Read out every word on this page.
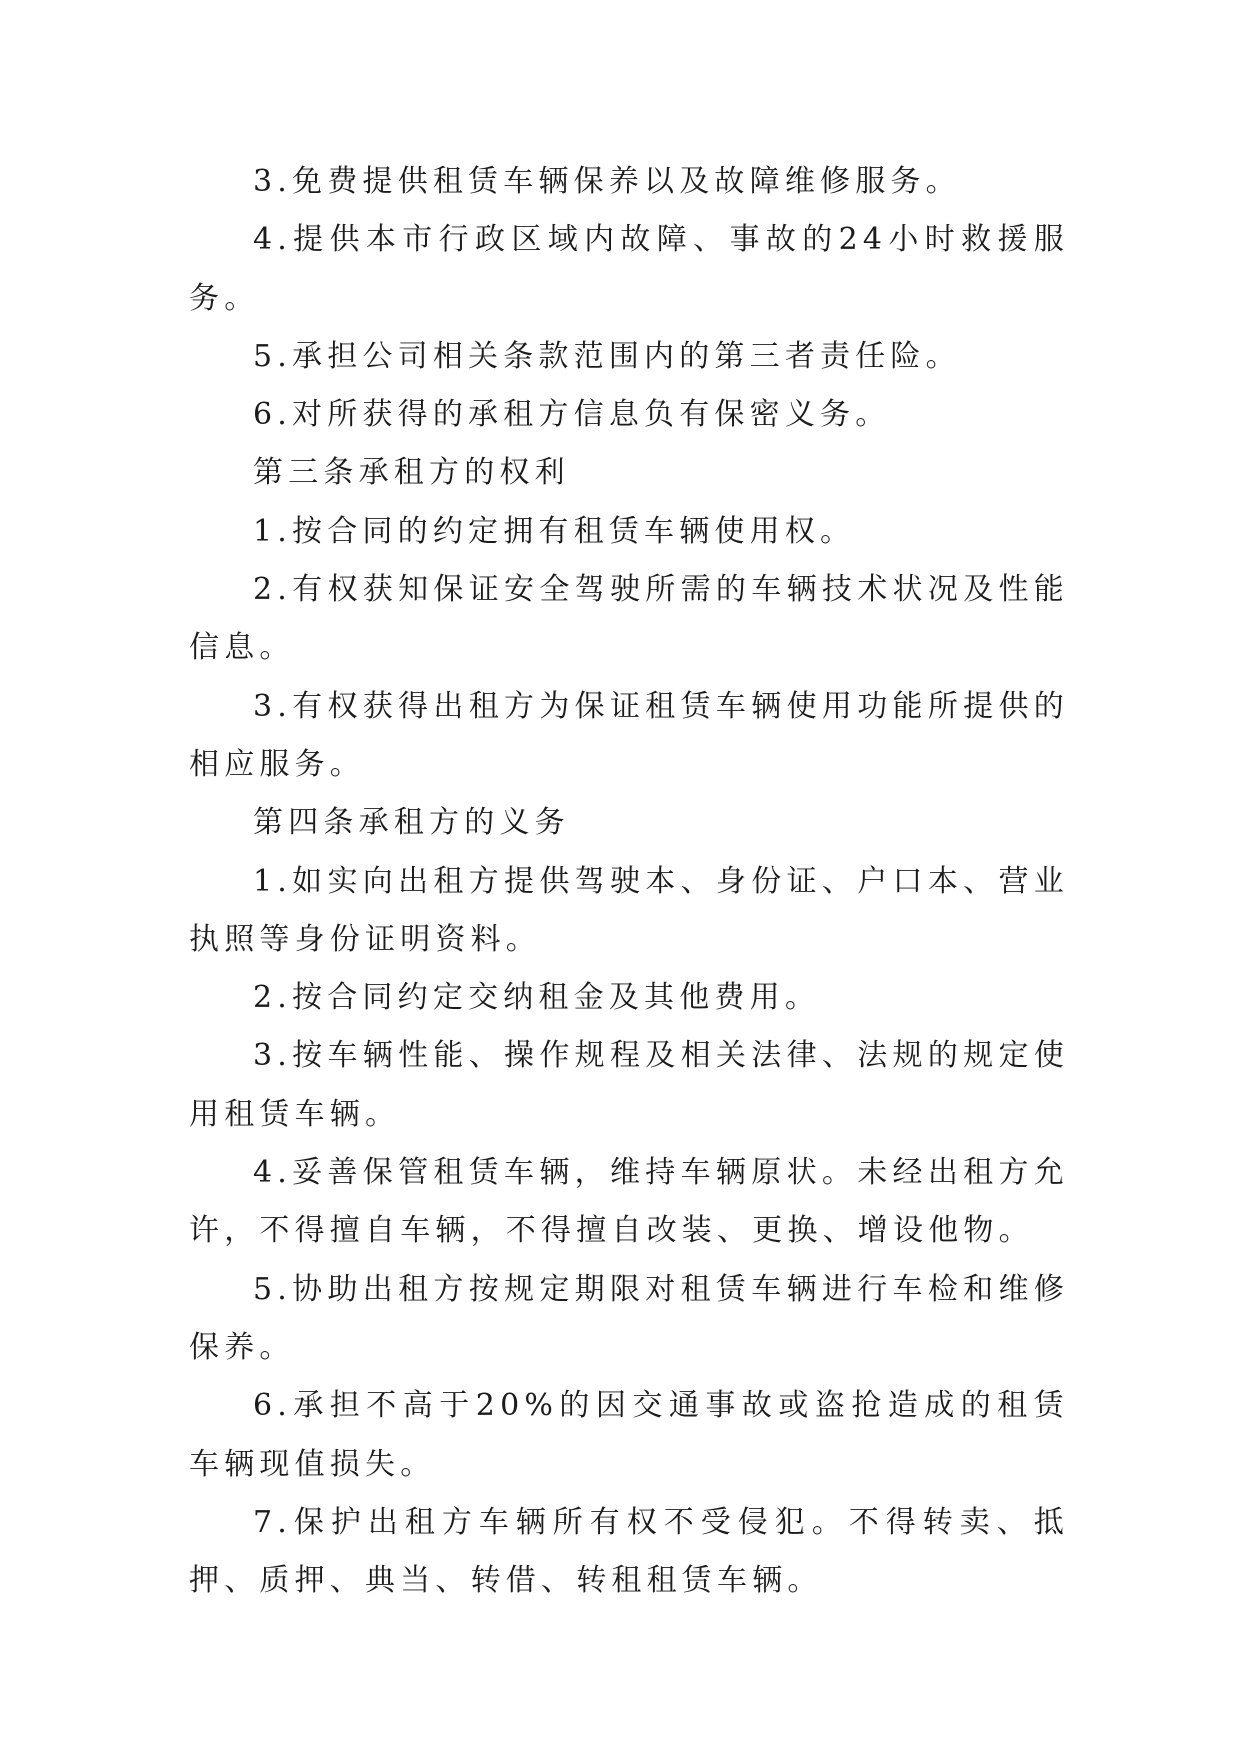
3.免费提供租赁车辆保养以及故障维修服务。

4.提供本市行政区域内故障、事故的24小时救援服务。

5.承担公司相关条款范围内的第三者责任险。

6.对所获得的承租方信息负有保密义务。

第三条承租方的权利

1.按合同的约定拥有租赁车辆使用权。

2.有权获知保证安全驾驶所需的车辆技术状况及性能信息。

3.有权获得出租方为保证租赁车辆使用功能所提供的相应服务。

第四条承租方的义务

1.如实向出租方提供驾驶本、身份证、户口本、营业执照等身份证明资料。

2.按合同约定交纳租金及其他费用。

3.按车辆性能、操作规程及相关法律、法规的规定使用租赁车辆。

4.妥善保管租赁车辆，维持车辆原状。未经出租方允许，不得擅自车辆，不得擅自改装、更换、增设他物。

5.协助出租方按规定期限对租赁车辆进行车检和维修保养。

6.承担不高于20%的因交通事故或盗抢造成的租赁车辆现值损失。

7.保护出租方车辆所有权不受侵犯。不得转卖、抵押、质押、典当、转借、转租租赁车辆。
